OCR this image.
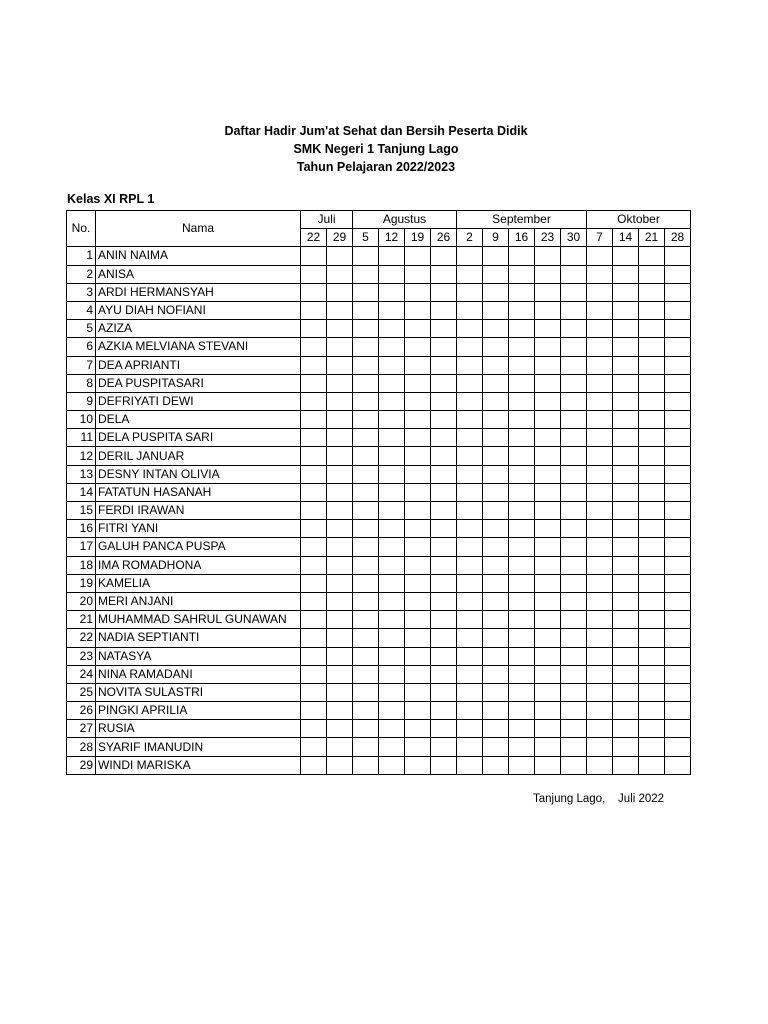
Daftar Hadir Jum'at Sehat dan Bersih Peserta Didik
SMK Negeri 1 Tanjung Lago
Tahun Pelajaran 2022/2023
Kelas XI RPL 1
No.	Nama	Juli		Agustus				September					Oktober			
		22	29	5	12	19	26	2	9	16	23	30	7	14	21	28
1	ANIN NAIMA															
2	ANISA															
3	ARDI HERMANSYAH															
4	AYU DIAH NOFIANI															
5	AZIZA															
6	AZKIA MELVIANA STEVANI															
7	DEA APRIANTI															
8	DEA PUSPITASARI															
9	DEFRIYATI DEWI															
10	DELA															
11	DELA PUSPITA SARI															
12	DERIL JANUAR															
13	DESNY INTAN OLIVIA															
14	FATATUN HASANAH															
15	FERDI IRAWAN															
16	FITRI YANI															
17	GALUH PANCA PUSPA															
18	IMA ROMADHONA															
19	KAMELIA															
20	MERI ANJANI															
21	MUHAMMAD SAHRUL GUNAWAN															
22	NADIA SEPTIANTI															
23	NATASYA															
24	NINA RAMADANI															
25	NOVITA SULASTRI															
26	PINGKI APRILIA															
27	RUSIA															
28	SYARIF IMANUDIN															
29	WINDI MARISKA															
Tanjung Lago, Juli 2022
